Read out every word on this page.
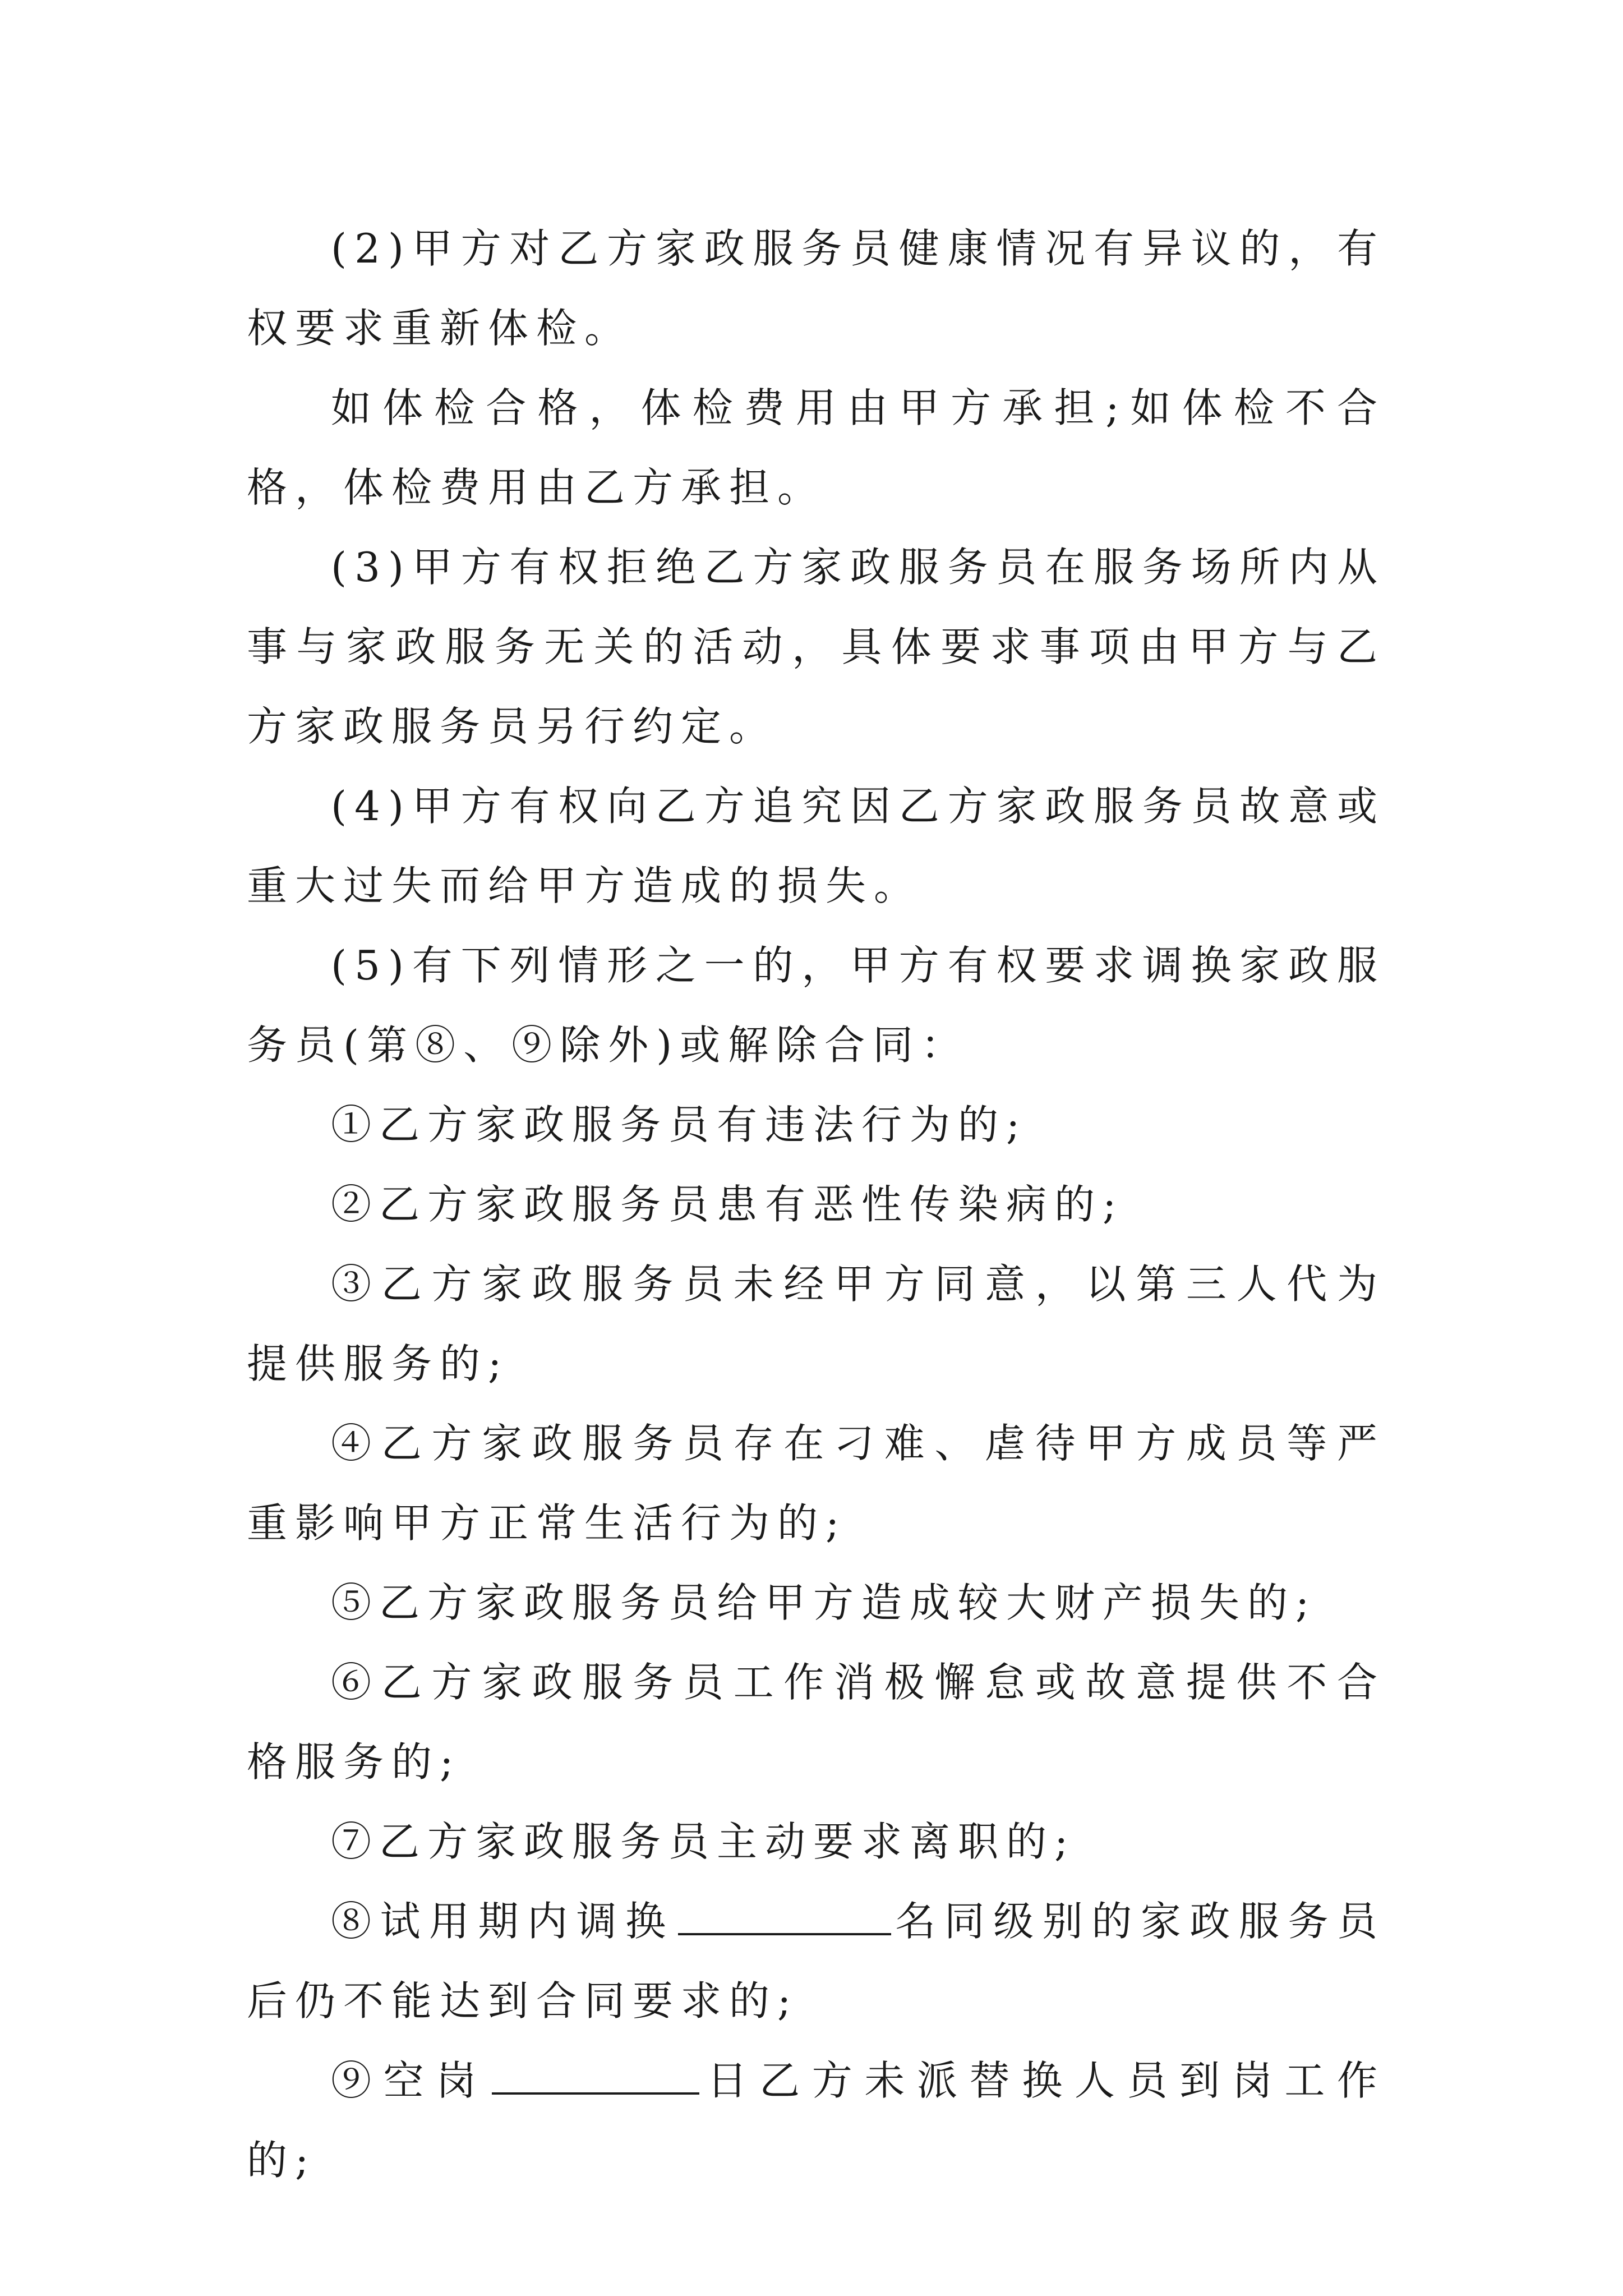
(2)甲方对乙方家政服务员健康情况有异议的，有权要求重新体检。

如体检合格，体检费用由甲方承担;如体检不合格，体检费用由乙方承担。

(3)甲方有权拒绝乙方家政服务员在服务场所内从事与家政服务无关的活动，具体要求事项由甲方与乙方家政服务员另行约定。

(4)甲方有权向乙方追究因乙方家政服务员故意或重大过失而给甲方造成的损失。

(5)有下列情形之一的，甲方有权要求调换家政服务员(第⑧、⑨除外)或解除合同：

①乙方家政服务员有违法行为的;

②乙方家政服务员患有恶性传染病的;

③乙方家政服务员未经甲方同意，以第三人代为提供服务的;

④乙方家政服务员存在刁难、虐待甲方成员等严重影响甲方正常生活行为的;

⑤乙方家政服务员给甲方造成较大财产损失的;

⑥乙方家政服务员工作消极懈怠或故意提供不合格服务的;

⑦乙方家政服务员主动要求离职的;

⑧试用期内调换	名同级别的家政服务员后仍不能达到合同要求的;

⑨空岗	日乙方未派替换人员到岗工作的;
